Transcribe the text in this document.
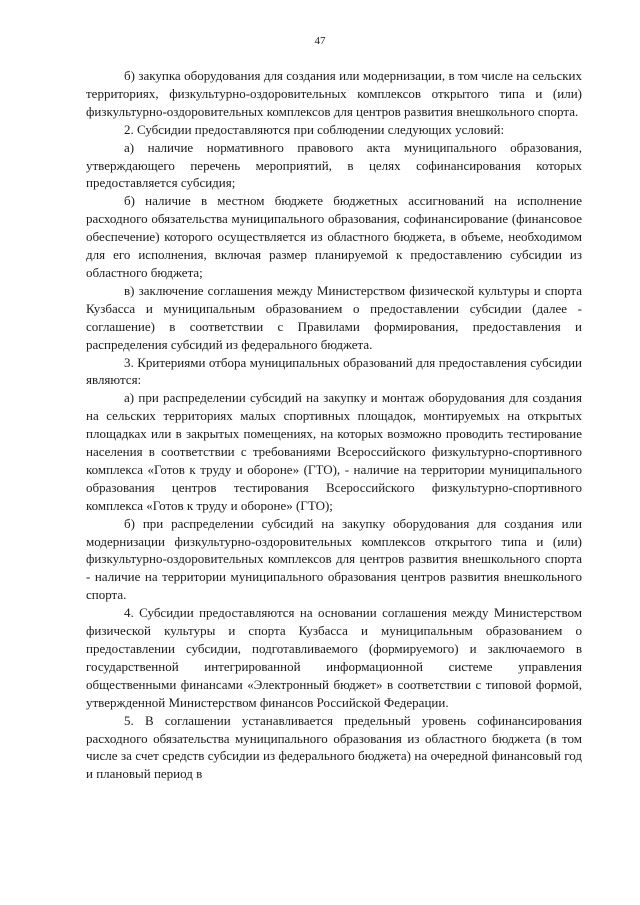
47

б) закупка оборудования для создания или модернизации, в том числе на сельских территориях, физкультурно-оздоровительных комплексов открытого типа и (или) физкультурно-оздоровительных комплексов для центров развития внешкольного спорта.

2. Субсидии предоставляются при соблюдении следующих условий:

а) наличие нормативного правового акта муниципального образования, утверждающего перечень мероприятий, в целях софинансирования которых предоставляется субсидия;

б) наличие в местном бюджете бюджетных ассигнований на исполнение расходного обязательства муниципального образования, софинансирование (финансовое обеспечение) которого осуществляется из областного бюджета, в объеме, необходимом для его исполнения, включая размер планируемой к предоставлению субсидии из областного бюджета;

в) заключение соглашения между Министерством физической культуры и спорта Кузбасса и муниципальным образованием о предоставлении субсидии (далее - соглашение) в соответствии с Правилами формирования, предоставления и распределения субсидий из федерального бюджета.

3. Критериями отбора муниципальных образований для предоставления субсидии являются:

а) при распределении субсидий на закупку и монтаж оборудования для создания на сельских территориях малых спортивных площадок, монтируемых на открытых площадках или в закрытых помещениях, на которых возможно проводить тестирование населения в соответствии с требованиями Всероссийского физкультурно-спортивного комплекса «Готов к труду и обороне» (ГТО), - наличие на территории муниципального образования центров тестирования Всероссийского физкультурно-спортивного комплекса «Готов к труду и обороне» (ГТО);

б) при распределении субсидий на закупку оборудования для создания или модернизации физкультурно-оздоровительных комплексов открытого типа и (или) физкультурно-оздоровительных комплексов для центров развития внешкольного спорта - наличие на территории муниципального образования центров развития внешкольного спорта.

4. Субсидии предоставляются на основании соглашения между Министерством физической культуры и спорта Кузбасса и муниципальным образованием о предоставлении субсидии, подготавливаемого (формируемого) и заключаемого в государственной интегрированной информационной системе управления общественными финансами «Электронный бюджет» в соответствии с типовой формой, утвержденной Министерством финансов Российской Федерации.

5. В соглашении устанавливается предельный уровень софинансирования расходного обязательства муниципального образования из областного бюджета (в том числе за счет средств субсидии из федерального бюджета) на очередной финансовый год и плановый период в
